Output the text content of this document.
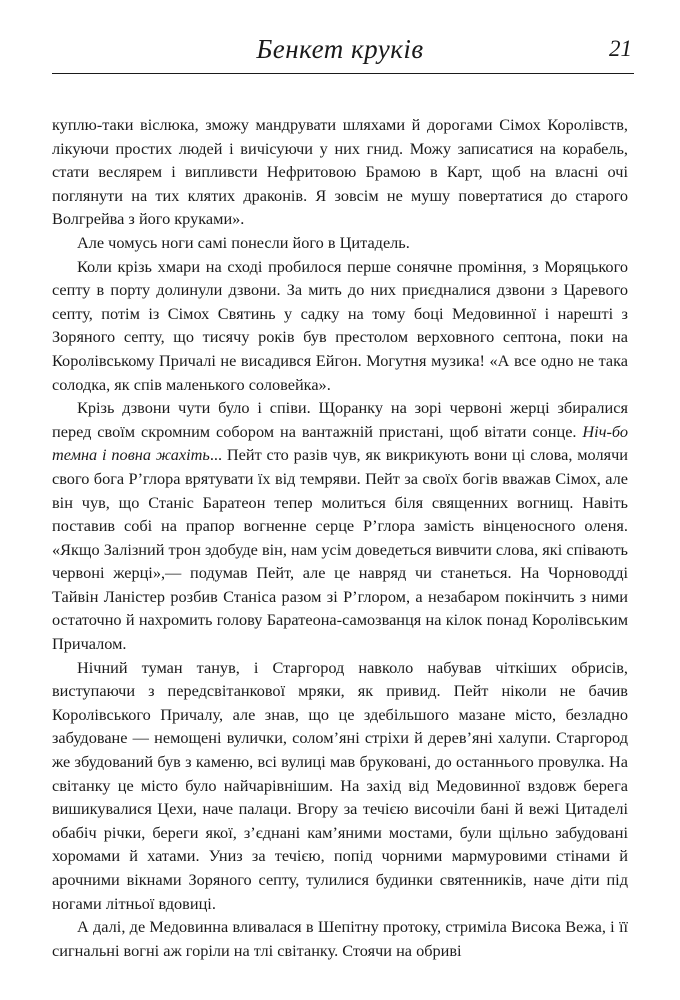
Бенкет круків	21

куплю-таки віслюка, зможу мандрувати шляхами й дорогами Сімох Королівств, лікуючи простих людей і вичісуючи у них гнид. Можу записатися на корабель, стати веслярем і випливсти Нефритовою Брамою в Карт, щоб на власні очі поглянути на тих клятих драконів. Я зовсім не мушу повертатися до старого Волгрейва з його круками».

Але чомусь ноги самі понесли його в Цитадель.

Коли крізь хмари на сході пробилося перше сонячне проміння, з Моряцького септу в порту долинули дзвони. За мить до них приєдналися дзвони з Царевого септу, потім із Сімох Святинь у садку на тому боці Медовинної і нарешті з Зоряного септу, що тисячу років був престолом верховного септона, поки на Королівському Причалі не висадився Ейгон. Могутня музика! «А все одно не така солодка, як спів маленького соловейка».

Крізь дзвони чути було і співи. Щоранку на зорі червоні жерці збиралися перед своїм скромним собором на вантажній пристані, щоб вітати сонце. Ніч-бо темна і повна жахіть... Пейт сто разів чув, як викрикують вони ці слова, молячи свого бога Р’глора врятувати їх від темряви. Пейт за своїх богів вважав Сімох, але він чув, що Станіс Баратеон тепер молиться біля священних вогнищ. Навіть поставив собі на прапор вогненне серце Р’глора замість вінценосного оленя. «Якщо Залізний трон здобуде він, нам усім доведеться вивчити слова, які співають червоні жерці»,— подумав Пейт, але це навряд чи станеться. На Чорноводді Тайвін Ланістер розбив Станіса разом зі Р’глором, а незабаром покінчить з ними остаточно й нахромить голову Баратеона-самозванця на кілок понад Королівським Причалом.

Нічний туман танув, і Старгород навколо набував чіткіших обрисів, виступаючи з передсвітанкової мряки, як привид. Пейт ніколи не бачив Королівського Причалу, але знав, що це здебільшого мазане місто, безладно забудоване — немощені вулички, солом’яні стріхи й дерев’яні халупи. Старгород же збудований був з каменю, всі вулиці мав бруковані, до останнього провулка. На світанку це місто було найчарівнішим. На захід від Медовинної вздовж берега вишикувалися Цехи, наче палаци. Вгору за течією височіли бані й вежі Цитаделі обабіч річки, береги якої, з’єднані кам’яними мостами, були щільно забудовані хоромами й хатами. Униз за течією, попід чорними мармуровими стінами й арочними вікнами Зоряного септу, тулилися будинки святенників, наче діти під ногами літньої вдовиці.

А далі, де Медовинна вливалася в Шепітну протоку, стриміла Висока Вежа, і її сигнальні вогні аж горіли на тлі світанку. Стоячи на обриві
